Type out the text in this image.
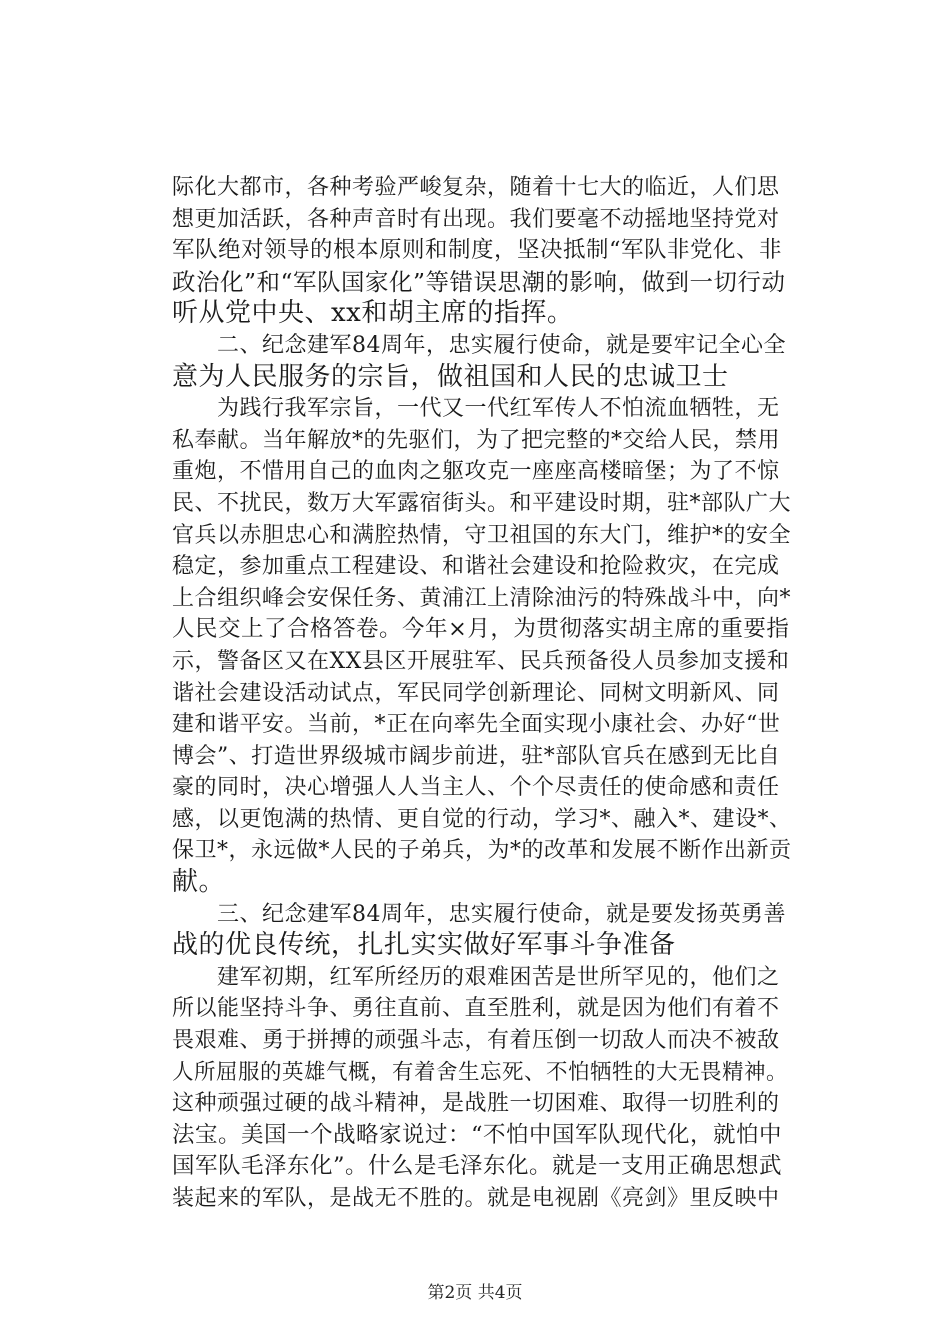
际化大都市，各种考验严峻复杂，随着十七大的临近，人们思
想更加活跃，各种声音时有出现。我们要毫不动摇地坚持党对
军队绝对领导的根本原则和制度，坚决抵制“军队非党化、非
政治化”和“军队国家化”等错误思潮的影响，做到一切行动
听从党中央、xx和胡主席的指挥。
　　二、纪念建军84周年，忠实履行使命，就是要牢记全心全
意为人民服务的宗旨，做祖国和人民的忠诚卫士
　　为践行我军宗旨，一代又一代红军传人不怕流血牺牲，无
私奉献。当年解放*的先驱们，为了把完整的*交给人民，禁用
重炮，不惜用自己的血肉之躯攻克一座座高楼暗堡；为了不惊
民、不扰民，数万大军露宿街头。和平建设时期，驻*部队广大
官兵以赤胆忠心和满腔热情，守卫祖国的东大门，维护*的安全
稳定，参加重点工程建设、和谐社会建设和抢险救灾，在完成
上合组织峰会安保任务、黄浦江上清除油污的特殊战斗中，向*
人民交上了合格答卷。今年×月，为贯彻落实胡主席的重要指
示，警备区又在XX县区开展驻军、民兵预备役人员参加支援和
谐社会建设活动试点，军民同学创新理论、同树文明新风、同
建和谐平安。当前，*正在向率先全面实现小康社会、办好“世
博会”、打造世界级城市阔步前进，驻*部队官兵在感到无比自
豪的同时，决心增强人人当主人、个个尽责任的使命感和责任
感，以更饱满的热情、更自觉的行动，学习*、融入*、建设*、
保卫*，永远做*人民的子弟兵，为*的改革和发展不断作出新贡
献。
　　三、纪念建军84周年，忠实履行使命，就是要发扬英勇善
战的优良传统，扎扎实实做好军事斗争准备
　　建军初期，红军所经历的艰难困苦是世所罕见的，他们之
所以能坚持斗争、勇往直前、直至胜利，就是因为他们有着不
畏艰难、勇于拼搏的顽强斗志，有着压倒一切敌人而决不被敌
人所屈服的英雄气概，有着舍生忘死、不怕牺牲的大无畏精神。
这种顽强过硬的战斗精神，是战胜一切困难、取得一切胜利的
法宝。美国一个战略家说过：“不怕中国军队现代化，就怕中
国军队毛泽东化”。什么是毛泽东化。就是一支用正确思想武
装起来的军队，是战无不胜的。就是电视剧《亮剑》里反映中
第2页 共4页
